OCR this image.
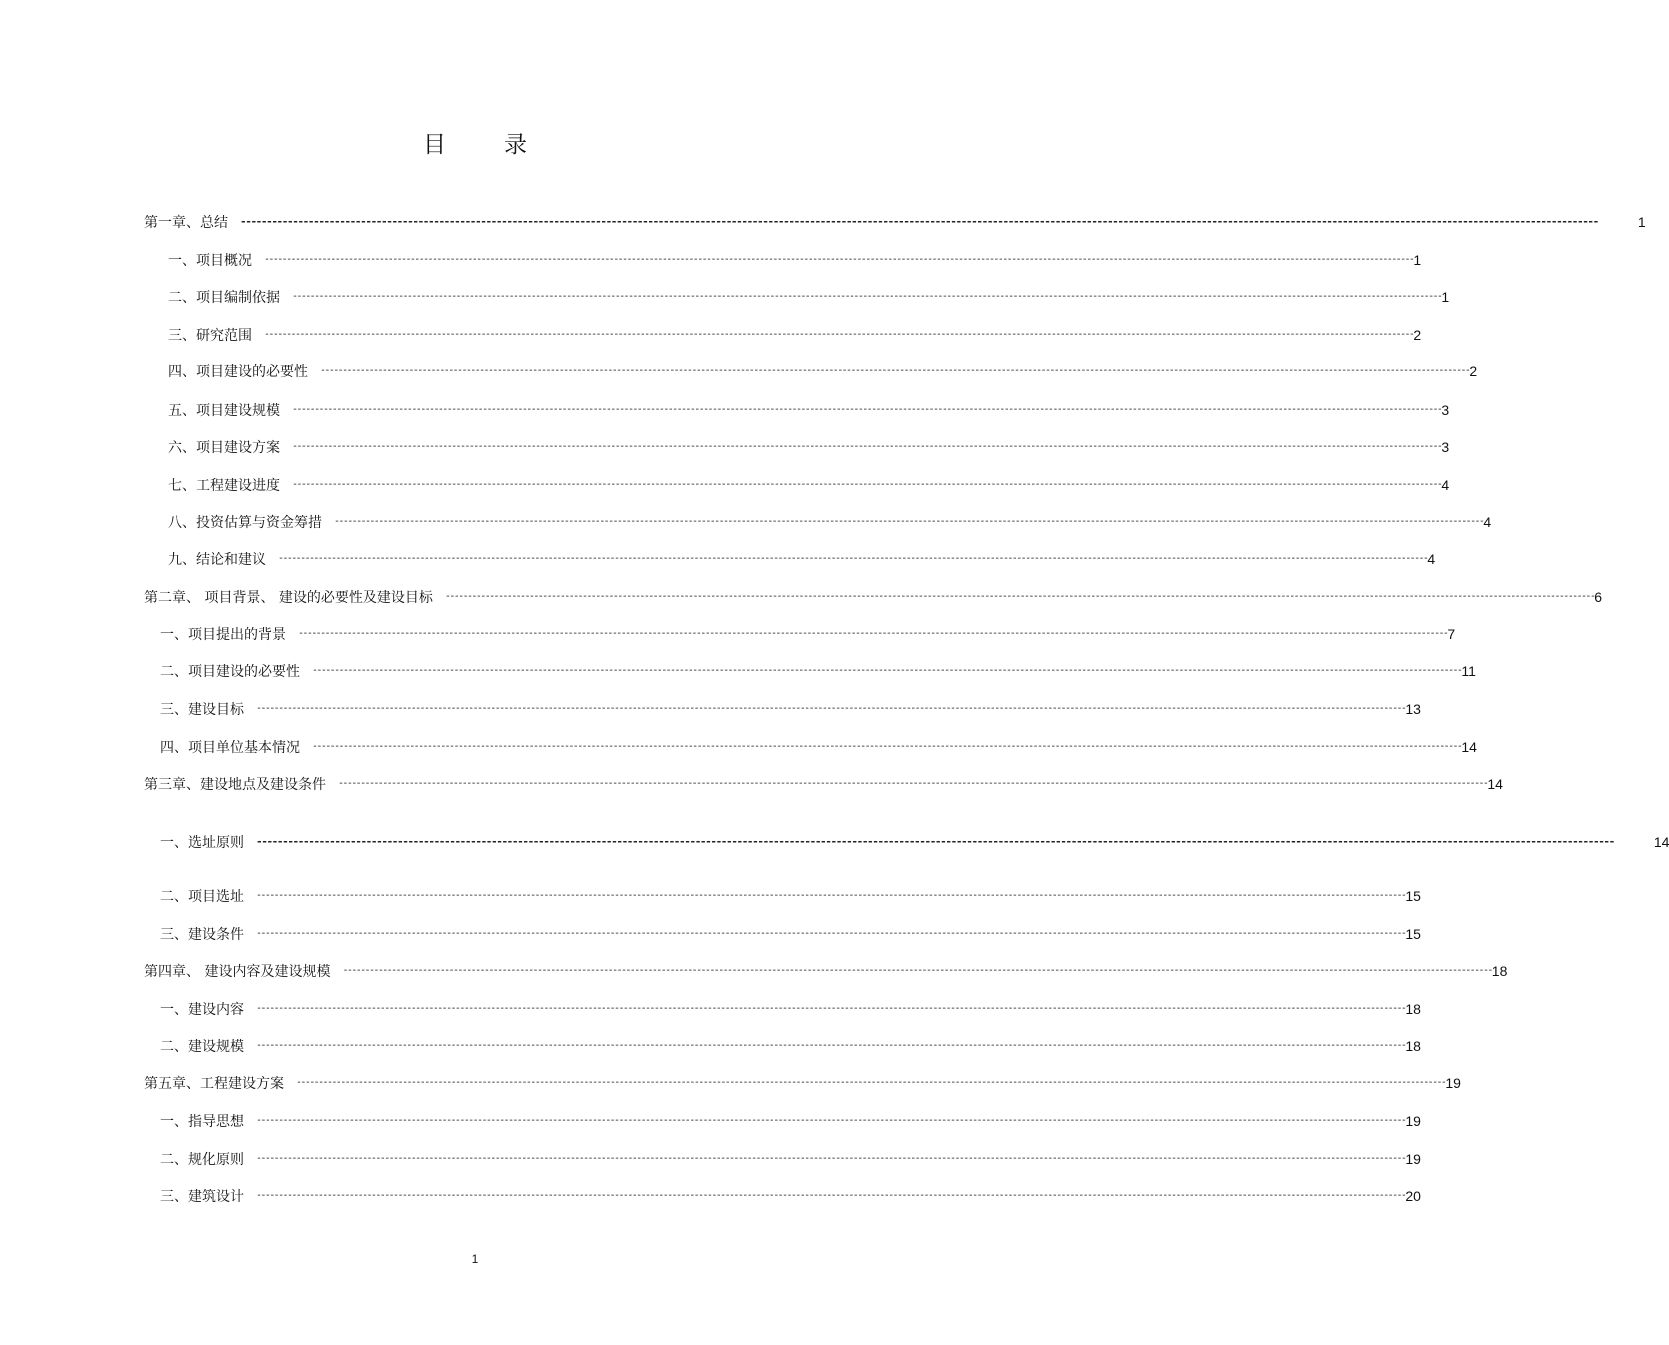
目	录
第一章、总结 --------------------------------------------------------------------------------------------------------------------------------------------------------------------------------------------------------------------------------------------------------------------	1
一、项目概况 -------------------------------------------------------------------------------------------------------------------------------------------------------------------------------------------------------------------------------------------------------------------- 1
二、项目编制依据 -------------------------------------------------------------------------------------------------------------------------------------------------------------------------------------------------------------------------------------------------------------------- 1
三、研究范围 -------------------------------------------------------------------------------------------------------------------------------------------------------------------------------------------------------------------------------------------------------------------- 2
四、项目建设的必要性 -------------------------------------------------------------------------------------------------------------------------------------------------------------------------------------------------------------------------------------------------------------------- 2
五、项目建设规模 -------------------------------------------------------------------------------------------------------------------------------------------------------------------------------------------------------------------------------------------------------------------- 3
六、项目建设方案 -------------------------------------------------------------------------------------------------------------------------------------------------------------------------------------------------------------------------------------------------------------------- 3
七、工程建设进度 -------------------------------------------------------------------------------------------------------------------------------------------------------------------------------------------------------------------------------------------------------------------- 4
八、投资估算与资金筹措 -------------------------------------------------------------------------------------------------------------------------------------------------------------------------------------------------------------------------------------------------------------------- 4
九、结论和建议 -------------------------------------------------------------------------------------------------------------------------------------------------------------------------------------------------------------------------------------------------------------------- 4
第二章、 项目背景、 建设的必要性及建设目标 -------------------------------------------------------------------------------------------------------------------------------------------------------------------------------------------------------------------------------------------------------------------- 6
一、项目提出的背景 -------------------------------------------------------------------------------------------------------------------------------------------------------------------------------------------------------------------------------------------------------------------- 7
二、项目建设的必要性 -------------------------------------------------------------------------------------------------------------------------------------------------------------------------------------------------------------------------------------------------------------------- 11
三、建设目标 -------------------------------------------------------------------------------------------------------------------------------------------------------------------------------------------------------------------------------------------------------------------- 13
四、项目单位基本情况 -------------------------------------------------------------------------------------------------------------------------------------------------------------------------------------------------------------------------------------------------------------------- 14
第三章、建设地点及建设条件 -------------------------------------------------------------------------------------------------------------------------------------------------------------------------------------------------------------------------------------------------------------------- 14
一、选址原则 --------------------------------------------------------------------------------------------------------------------------------------------------------------------------------------------------------------------------------------------------------------------	14
二、项目选址 -------------------------------------------------------------------------------------------------------------------------------------------------------------------------------------------------------------------------------------------------------------------- 15
三、建设条件 -------------------------------------------------------------------------------------------------------------------------------------------------------------------------------------------------------------------------------------------------------------------- 15
第四章、 建设内容及建设规模 -------------------------------------------------------------------------------------------------------------------------------------------------------------------------------------------------------------------------------------------------------------------- 18
一、建设内容 -------------------------------------------------------------------------------------------------------------------------------------------------------------------------------------------------------------------------------------------------------------------- 18
二、建设规模 -------------------------------------------------------------------------------------------------------------------------------------------------------------------------------------------------------------------------------------------------------------------- 18
第五章、工程建设方案 -------------------------------------------------------------------------------------------------------------------------------------------------------------------------------------------------------------------------------------------------------------------- 19
一、指导思想 -------------------------------------------------------------------------------------------------------------------------------------------------------------------------------------------------------------------------------------------------------------------- 19
二、规化原则 -------------------------------------------------------------------------------------------------------------------------------------------------------------------------------------------------------------------------------------------------------------------- 19
三、建筑设计 -------------------------------------------------------------------------------------------------------------------------------------------------------------------------------------------------------------------------------------------------------------------- 20
1
